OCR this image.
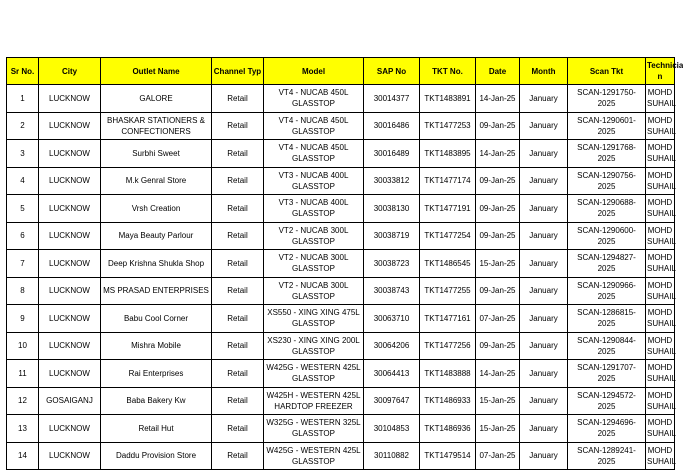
Sr No.	City	Outlet Name	Channel Typ	Model	SAP No	TKT No.	Date	Month	Scan Tkt	Technicia n

1	LUCKNOW	GALORE	Retail	VT4 - NUCAB 450L GLASSTOP	30014377	TKT1483891	14-Jan-25	January	SCAN-1291750-2025	MOHD SUHAIL

2	LUCKNOW	BHASKAR STATIONERS & CONFECTIONERS	Retail	VT4 - NUCAB 450L GLASSTOP	30016486	TKT1477253	09-Jan-25	January	SCAN-1290601-2025	MOHD SUHAIL

3	LUCKNOW	Surbhi Sweet	Retail	VT4 - NUCAB 450L GLASSTOP	30016489	TKT1483895	14-Jan-25	January	SCAN-1291768-2025	MOHD SUHAIL

4	LUCKNOW	M.k Genral Store	Retail	VT3 - NUCAB 400L GLASSTOP	30033812	TKT1477174	09-Jan-25	January	SCAN-1290756-2025	MOHD SUHAIL

5	LUCKNOW	Vrsh Creation	Retail	VT3 - NUCAB 400L GLASSTOP	30038130	TKT1477191	09-Jan-25	January	SCAN-1290688-2025	MOHD SUHAIL

6	LUCKNOW	Maya Beauty Parlour	Retail	VT2 - NUCAB 300L GLASSTOP	30038719	TKT1477254	09-Jan-25	January	SCAN-1290600-2025	MOHD SUHAIL

7	LUCKNOW	Deep Krishna Shukla Shop	Retail	VT2 - NUCAB 300L GLASSTOP	30038723	TKT1486545	15-Jan-25	January	SCAN-1294827-2025	MOHD SUHAIL

8	LUCKNOW	MS PRASAD ENTERPRISES	Retail	VT2 - NUCAB 300L GLASSTOP	30038743	TKT1477255	09-Jan-25	January	SCAN-1290966-2025	MOHD SUHAIL

9	LUCKNOW	Babu Cool Corner	Retail	XS550 - XING XING 475L GLASSTOP	30063710	TKT1477161	07-Jan-25	January	SCAN-1286815-2025	MOHD SUHAIL

10	LUCKNOW	Mishra Mobile	Retail	XS230 - XING XING 200L GLASSTOP	30064206	TKT1477256	09-Jan-25	January	SCAN-1290844-2025	MOHD SUHAIL

11	LUCKNOW	Rai Enterprises	Retail	W425G - WESTERN 425L GLASSTOP	30064413	TKT1483888	14-Jan-25	January	SCAN-1291707-2025	MOHD SUHAIL

12	GOSAIGANJ	Baba Bakery Kw	Retail	W425H - WESTERN 425L HARDTOP FREEZER	30097647	TKT1486933	15-Jan-25	January	SCAN-1294572-2025	MOHD SUHAIL

13	LUCKNOW	Retail Hut	Retail	W325G - WESTERN 325L GLASSTOP	30104853	TKT1486936	15-Jan-25	January	SCAN-1294696-2025	MOHD SUHAIL

14	LUCKNOW	Daddu Provision Store	Retail	W425G - WESTERN 425L GLASSTOP	30110882	TKT1479514	07-Jan-25	January	SCAN-1289241-2025	MOHD SUHAIL
